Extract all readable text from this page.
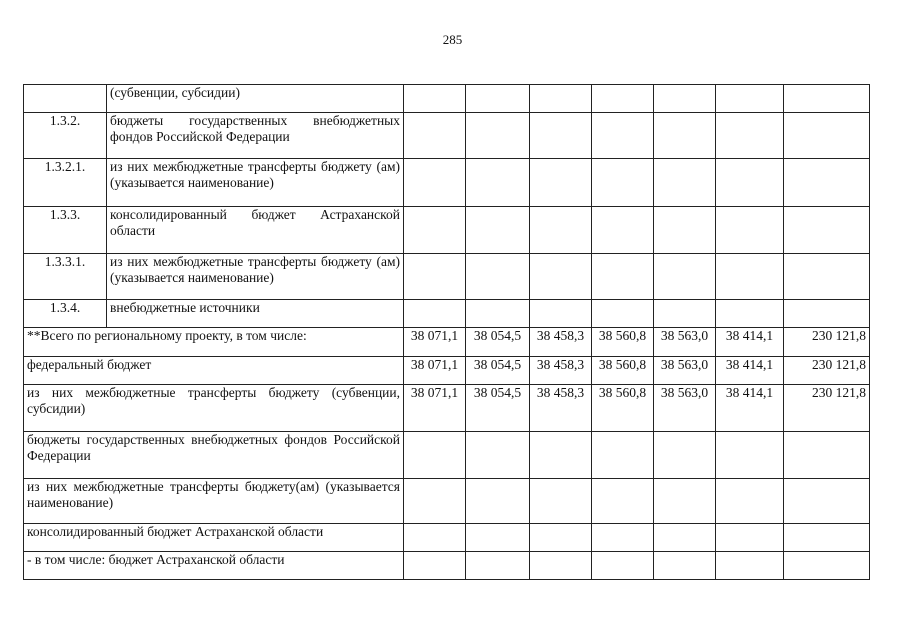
285
	(субвенции, субсидии)							
1.3.2.	бюджеты государственных внебюджетных фондов Российской Федерации							
1.3.2.1.	из них межбюджетные трансферты бюджету (ам) (указывается наименование)							
1.3.3.	консолидированный бюджет Астраханской области							
1.3.3.1.	из них межбюджетные трансферты бюджету (ам) (указывается наименование)							
1.3.4.	внебюджетные источники							
**Всего по региональному проекту, в том числе:		38 071,1	38 054,5	38 458,3	38 560,8	38 563,0	38 414,1	230 121,8
федеральный бюджет		38 071,1	38 054,5	38 458,3	38 560,8	38 563,0	38 414,1	230 121,8
из них межбюджетные трансферты бюджету (субвенции, субсидии)		38 071,1	38 054,5	38 458,3	38 560,8	38 563,0	38 414,1	230 121,8
бюджеты государственных внебюджетных фондов Российской Федерации								
из них межбюджетные трансферты бюджету(ам) (указывается наименование)								
консолидированный бюджет Астраханской области								
- в том числе: бюджет Астраханской области								
